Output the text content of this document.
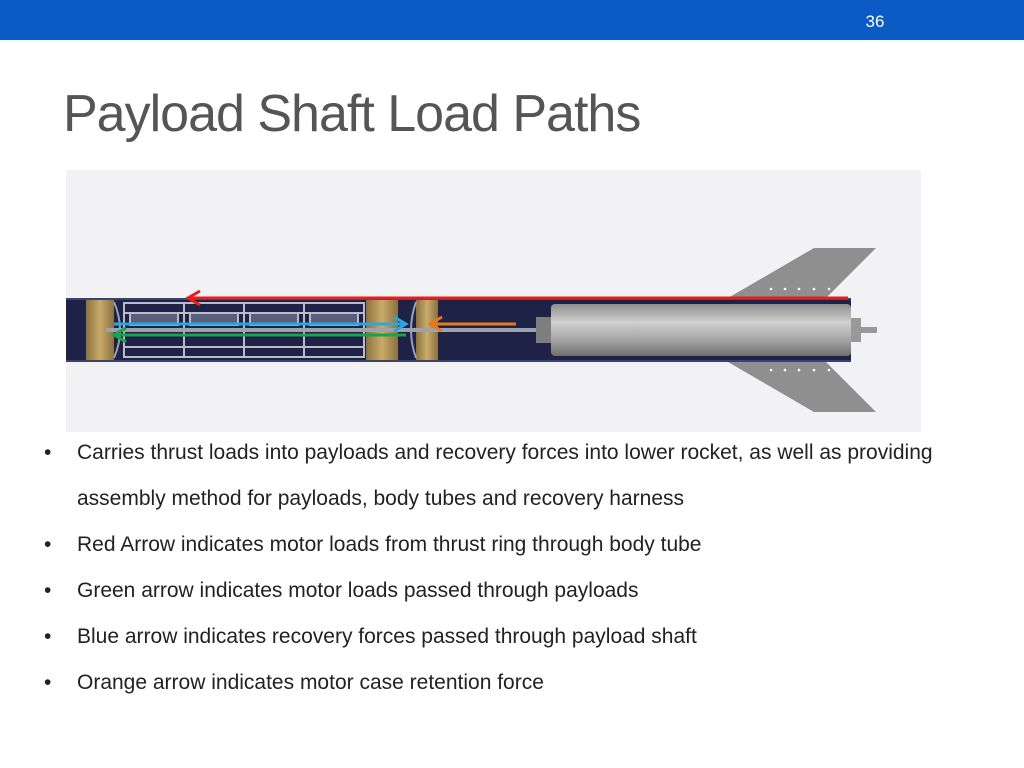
36
Payload Shaft Load Paths
• Carries thrust loads into payloads and recovery forces into lower rocket, as well as providing assembly method for payloads, body tubes and recovery harness
• Red Arrow indicates motor loads from thrust ring through body tube
• Green arrow indicates motor loads passed through payloads
• Blue arrow indicates recovery forces passed through payload shaft
• Orange arrow indicates motor case retention force
